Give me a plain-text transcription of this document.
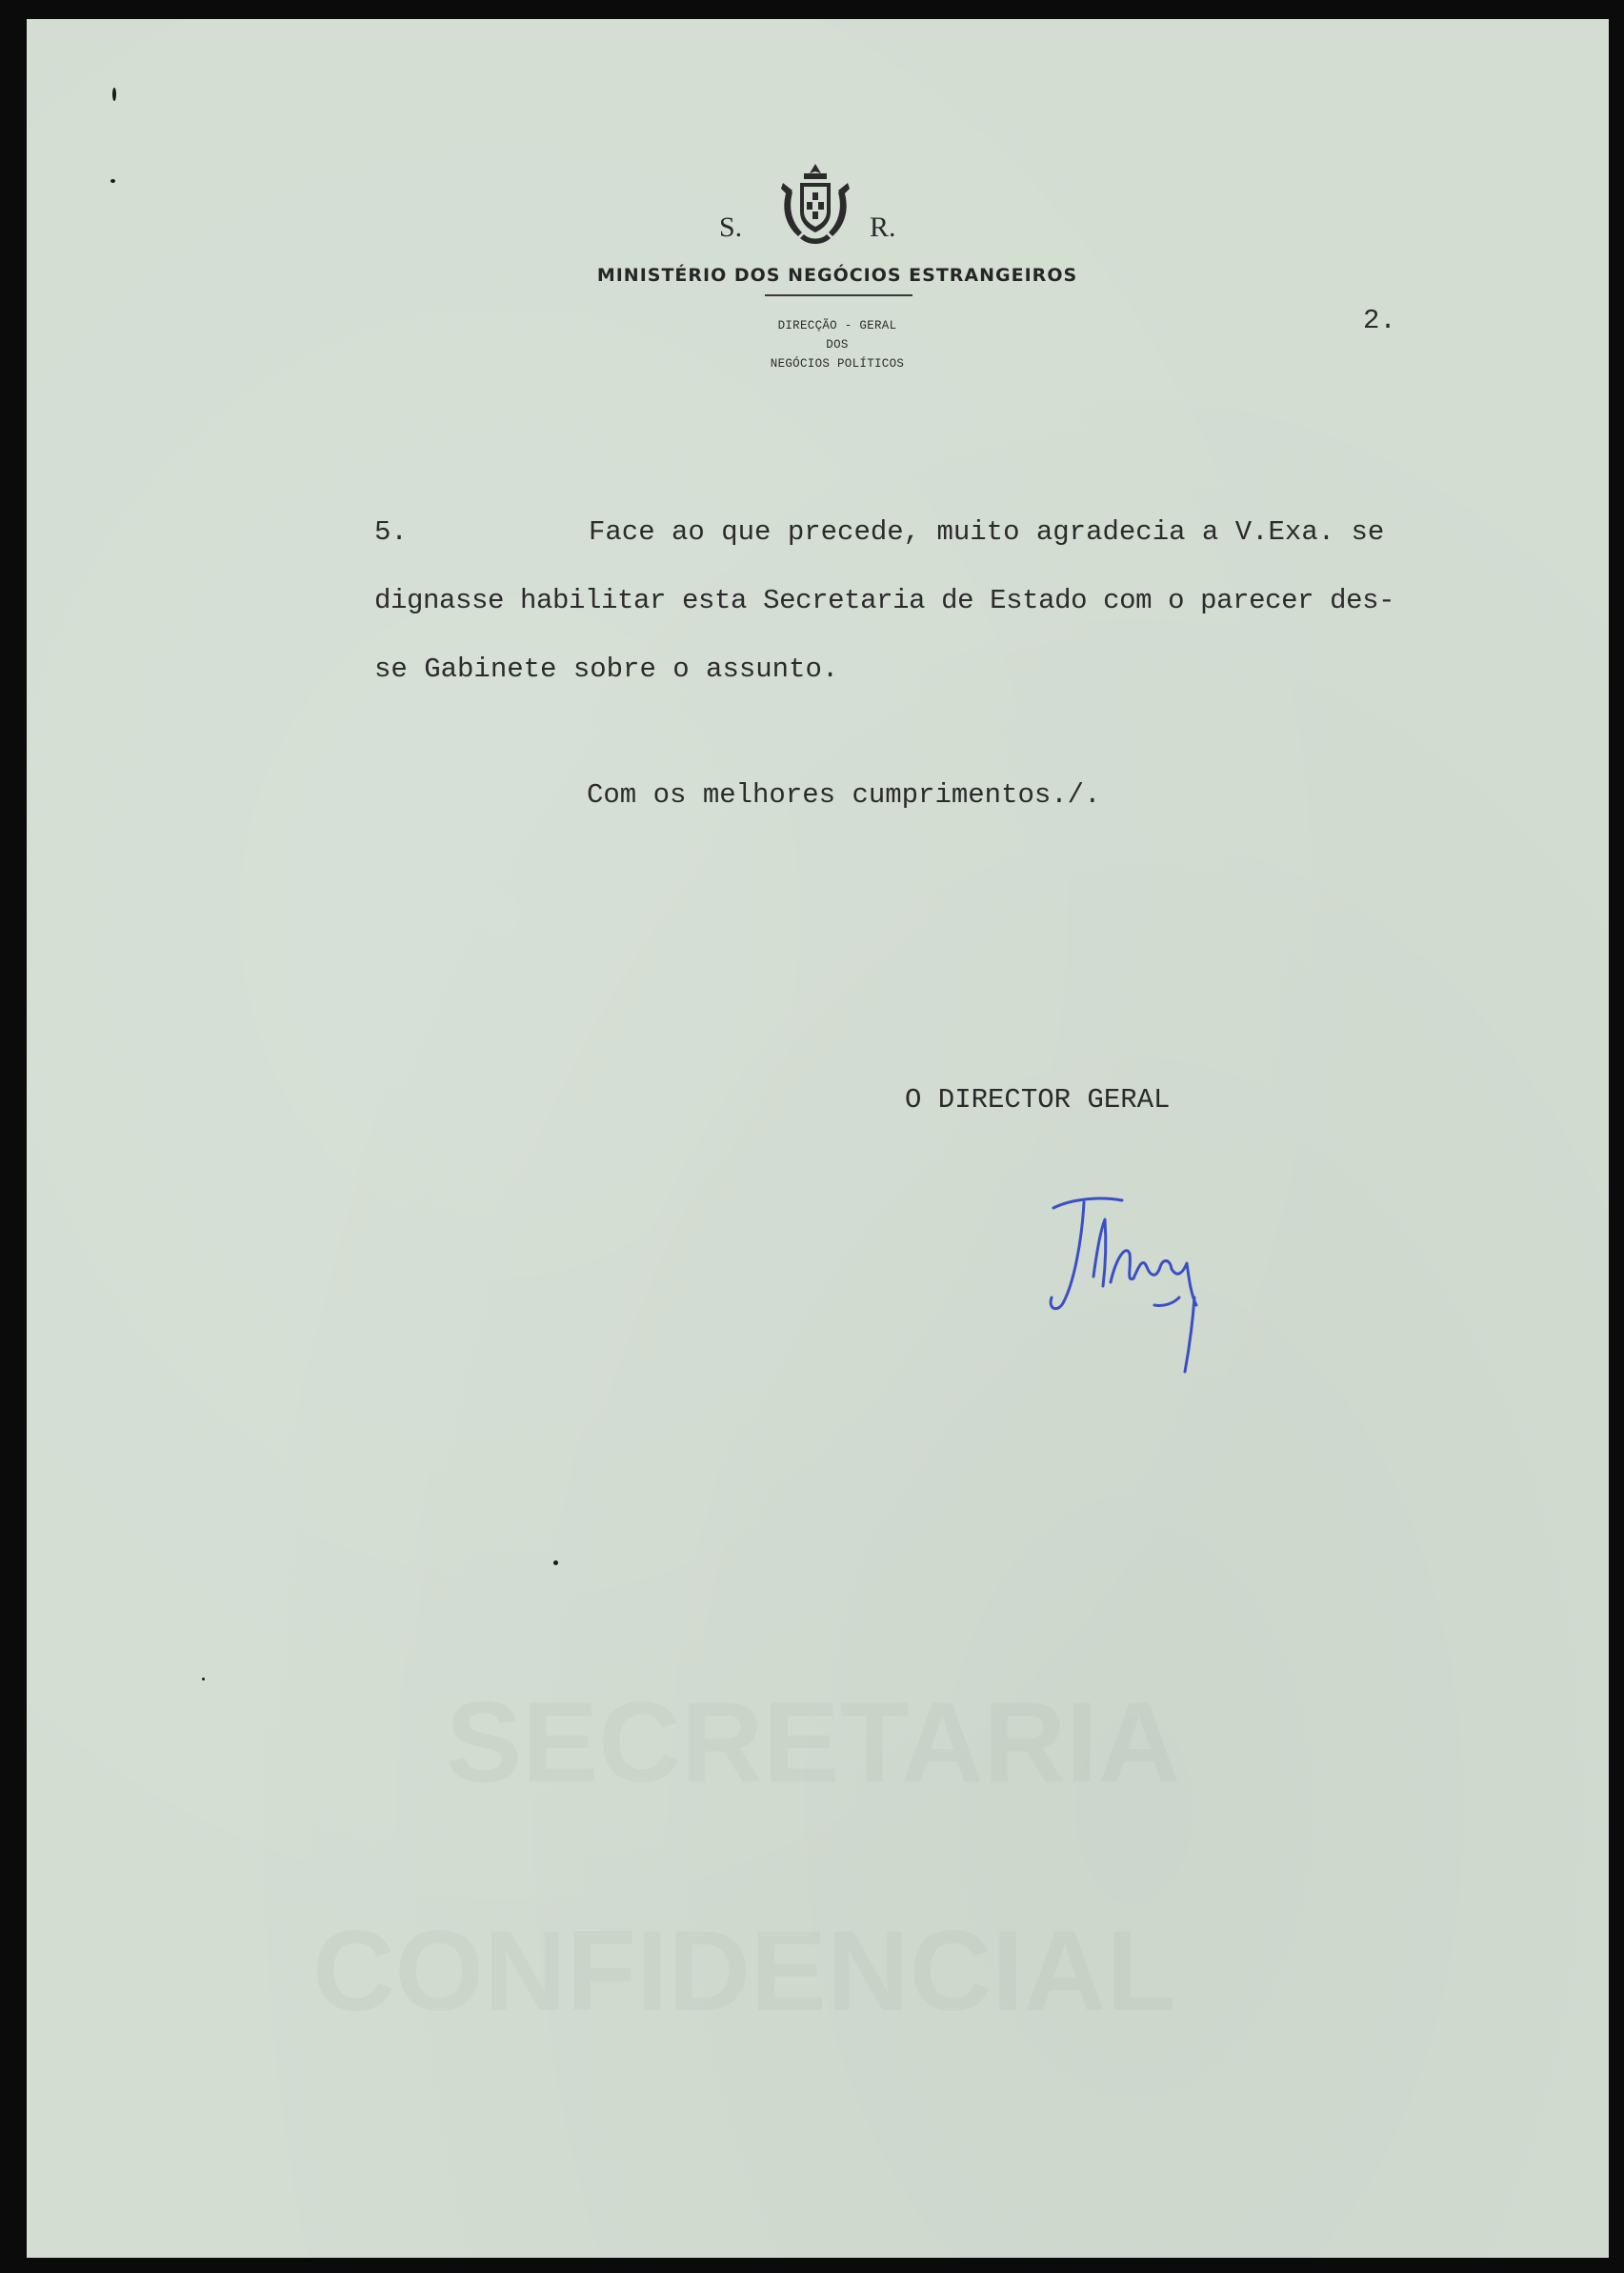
S.	R.
MINISTÉRIO DOS NEGÓCIOS ESTRANGEIROS
DIRECÇÃO - GERAL
DOS
NEGÓCIOS POLÍTICOS
2.
5.	Face ao que precede, muito agradecia a V.Exa. se
dignasse habilitar esta Secretaria de Estado com o parecer des-
se Gabinete sobre o assunto.
Com os melhores cumprimentos./.
O DIRECTOR GERAL
